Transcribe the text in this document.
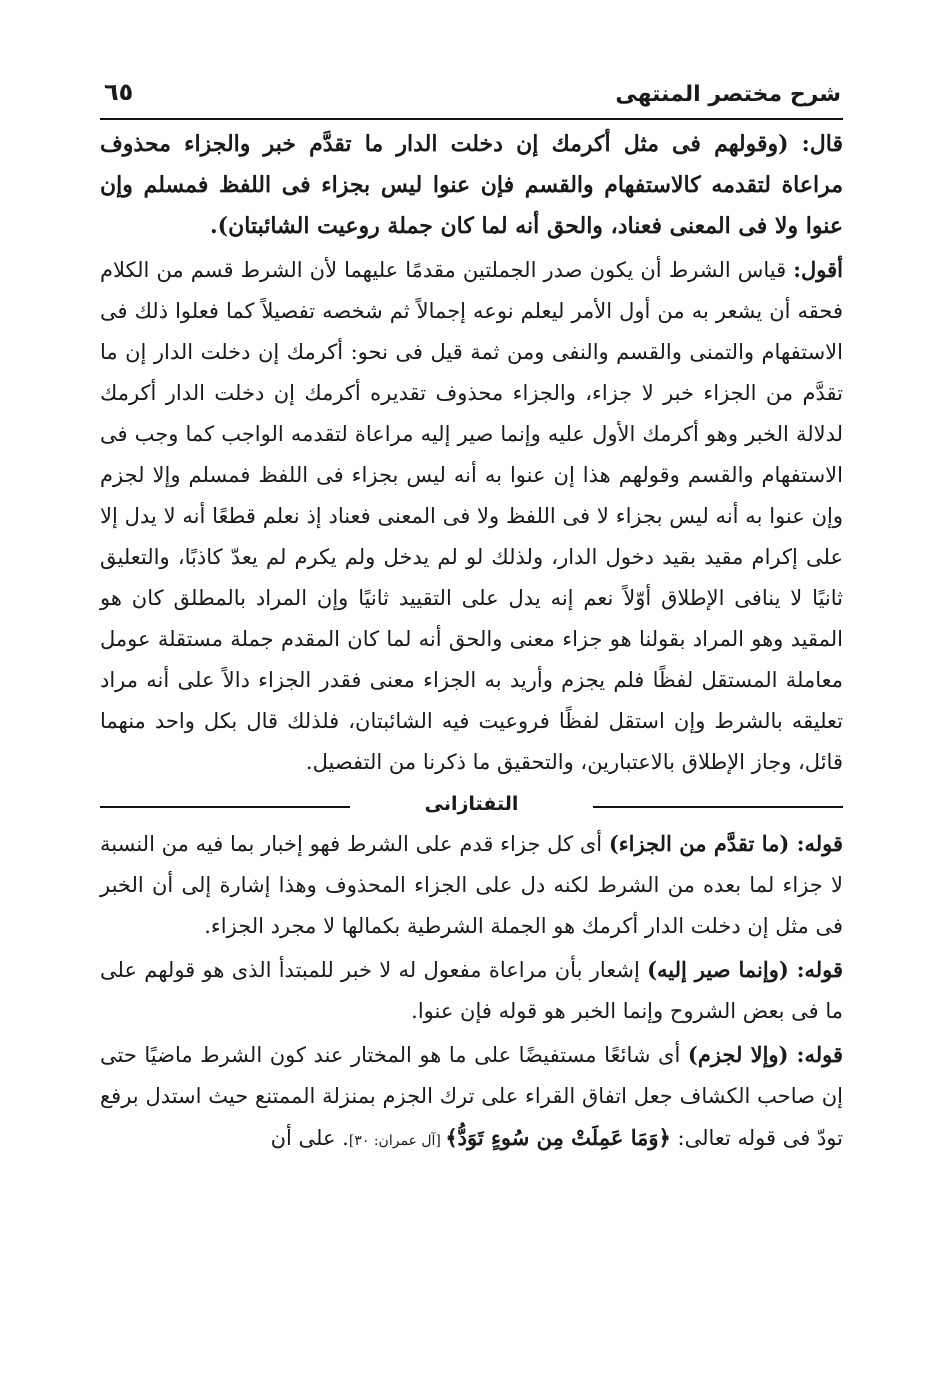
شرح مختصر المنتهى
٦٥

قال: (وقولهم فى مثل أكرمك إن دخلت الدار ما تقدَّم خبر والجزاء محذوف مراعاة لتقدمه كالاستفهام والقسم فإن عنوا ليس بجزاء فى اللفظ فمسلم وإن عنوا ولا فى المعنى فعناد، والحق أنه لما كان جملة روعيت الشائبتان).

أقول: قياس الشرط أن يكون صدر الجملتين مقدمًا عليهما لأن الشرط قسم من الكلام فحقه أن يشعر به من أول الأمر ليعلم نوعه إجمالاً ثم شخصه تفصيلاً كما فعلوا ذلك فى الاستفهام والتمنى والقسم والنفى ومن ثمة قيل فى نحو: أكرمك إن دخلت الدار إن ما تقدَّم من الجزاء خبر لا جزاء، والجزاء محذوف تقديره أكرمك إن دخلت الدار أكرمك لدلالة الخبر وهو أكرمك الأول عليه وإنما صير إليه مراعاة لتقدمه الواجب كما وجب فى الاستفهام والقسم وقولهم هذا إن عنوا به أنه ليس بجزاء فى اللفظ فمسلم وإلا لجزم وإن عنوا به أنه ليس بجزاء لا فى اللفظ ولا فى المعنى فعناد إذ نعلم قطعًا أنه لا يدل إلا على إكرام مقيد بقيد دخول الدار، ولذلك لو لم يدخل ولم يكرم لم يعدّ كاذبًا، والتعليق ثانيًا لا ينافى الإطلاق أوّلاً نعم إنه يدل على التقييد ثانيًا وإن المراد بالمطلق كان هو المقيد وهو المراد بقولنا هو جزاء معنى والحق أنه لما كان المقدم جملة مستقلة عومل معاملة المستقل لفظًا فلم يجزم وأريد به الجزاء معنى فقدر الجزاء دالاً على أنه مراد تعليقه بالشرط وإن استقل لفظًا فروعيت فيه الشائبتان، فلذلك قال بكل واحد منهما قائل، وجاز الإطلاق بالاعتبارين، والتحقيق ما ذكرنا من التفصيل.

التفتازانى

قوله: (ما تقدَّم من الجزاء) أى كل جزاء قدم على الشرط فهو إخبار بما فيه من النسبة لا جزاء لما بعده من الشرط لكنه دل على الجزاء المحذوف وهذا إشارة إلى أن الخبر فى مثل إن دخلت الدار أكرمك هو الجملة الشرطية بكمالها لا مجرد الجزاء.

قوله: (وإنما صير إليه) إشعار بأن مراعاة مفعول له لا خبر للمبتدأ الذى هو قولهم على ما فى بعض الشروح وإنما الخبر هو قوله فإن عنوا.

قوله: (وإلا لجزم) أى شائعًا مستفيضًا على ما هو المختار عند كون الشرط ماضيًا حتى إن صاحب الكشاف جعل اتفاق القراء على ترك الجزم بمنزلة الممتنع حيث استدل برفع تودّ فى قوله تعالى: ﴿وَمَا عَمِلَتْ مِن سُوءٍ تَوَدُّ﴾ [آل عمران: ٣٠]. على أن
